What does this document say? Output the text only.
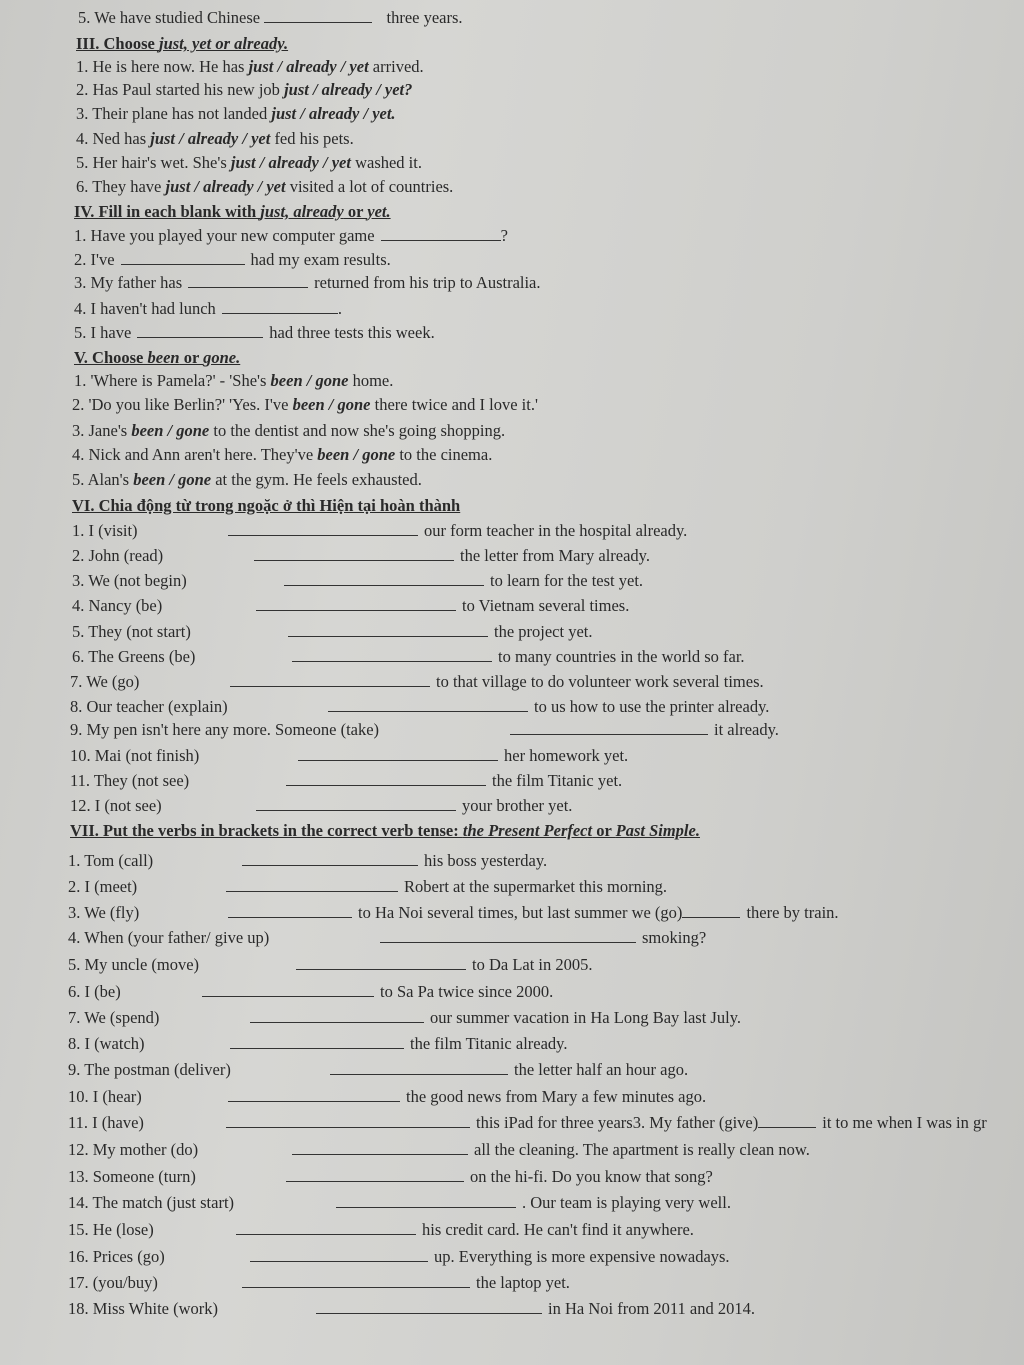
5. We have studied Chinese	three years.
III. Choose just, yet or already.
1. He is here now. He has just / already / yet arrived.
2. Has Paul started his new job just / already / yet?
3. Their plane has not landed just / already / yet.
4. Ned has just / already / yet fed his pets.
5. Her hair's wet. She's just / already / yet washed it.
6. They have just / already / yet visited a lot of countries.
IV. Fill in each blank with just, already or yet.
1. Have you played your new computer game	?
2. I've	had my exam results.
3. My father has	returned from his trip to Australia.
4. I haven't had lunch	.
5. I have	had three tests this week.
V. Choose been or gone.
1. 'Where is Pamela?' - 'She's been / gone home.
2. 'Do you like Berlin?' 'Yes. I've been / gone there twice and I love it.'
3. Jane's been / gone to the dentist and now she's going shopping.
4. Nick and Ann aren't here. They've been / gone to the cinema.
5. Alan's been / gone at the gym. He feels exhausted.
VI. Chia động từ trong ngoặc ở thì Hiện tại hoàn thành
1. I (visit)	our form teacher in the hospital already.
2. John (read)	the letter from Mary already.
3. We (not begin)	to learn for the test yet.
4. Nancy (be)	to Vietnam several times.
5. They (not start)	the project yet.
6. The Greens (be)	to many countries in the world so far.
7. We (go)	to that village to do volunteer work several times.
8. Our teacher (explain)	to us how to use the printer already.
9. My pen isn't here any more. Someone (take)	it already.
10. Mai (not finish)	her homework yet.
11. They (not see)	the film Titanic yet.
12. I (not see)	your brother yet.
VII. Put the verbs in brackets in the correct verb tense: the Present Perfect or Past Simple.
1. Tom (call)	his boss yesterday.
2. I (meet)	Robert at the supermarket this morning.
3. We (fly)	to Ha Noi several times, but last summer we (go)	there by train.
4. When (your father/ give up)	smoking?
5. My uncle (move)	to Da Lat in 2005.
6. I (be)	to Sa Pa twice since 2000.
7. We (spend)	our summer vacation in Ha Long Bay last July.
8. I (watch)	the film Titanic already.
9. The postman (deliver)	the letter half an hour ago.
10. I (hear)	the good news from Mary a few minutes ago.
11. I (have)	this iPad for three years3. My father (give)	it to me when I was in gr
12. My mother (do)	all the cleaning. The apartment is really clean now.
13. Someone (turn)	on the hi-fi. Do you know that song?
14. The match (just start)	. Our team is playing very well.
15. He (lose)	his credit card. He can't find it anywhere.
16. Prices (go)	up. Everything is more expensive nowadays.
17. (you/buy)	the laptop yet.
18. Miss White (work)	in Ha Noi from 2011 and 2014.
